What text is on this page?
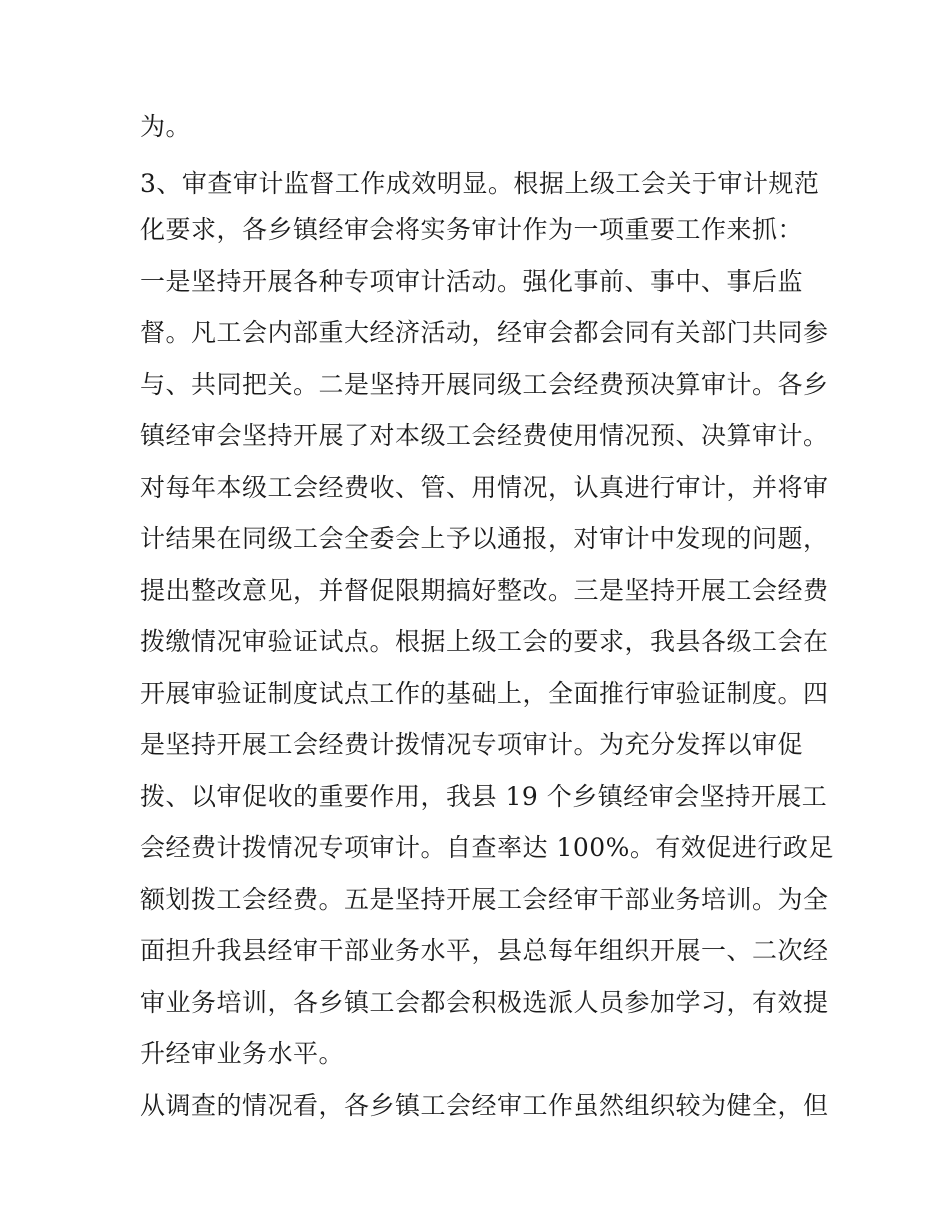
为。
3、审查审计监督工作成效明显。根据上级工会关于审计规范
化要求，各乡镇经审会将实务审计作为一项重要工作来抓：
一是坚持开展各种专项审计活动。强化事前、事中、事后监
督。凡工会内部重大经济活动，经审会都会同有关部门共同参
与、共同把关。二是坚持开展同级工会经费预决算审计。各乡
镇经审会坚持开展了对本级工会经费使用情况预、决算审计。
对每年本级工会经费收、管、用情况，认真进行审计，并将审
计结果在同级工会全委会上予以通报，对审计中发现的问题，
提出整改意见，并督促限期搞好整改。三是坚持开展工会经费
拨缴情况审验证试点。根据上级工会的要求，我县各级工会在
开展审验证制度试点工作的基础上，全面推行审验证制度。四
是坚持开展工会经费计拨情况专项审计。为充分发挥以审促
拨、以审促收的重要作用，我县 19 个乡镇经审会坚持开展工
会经费计拨情况专项审计。自查率达 100%。有效促进行政足
额划拨工会经费。五是坚持开展工会经审干部业务培训。为全
面担升我县经审干部业务水平，县总每年组织开展一、二次经
审业务培训，各乡镇工会都会积极选派人员参加学习，有效提
升经审业务水平。
从调查的情况看，各乡镇工会经审工作虽然组织较为健全，但
